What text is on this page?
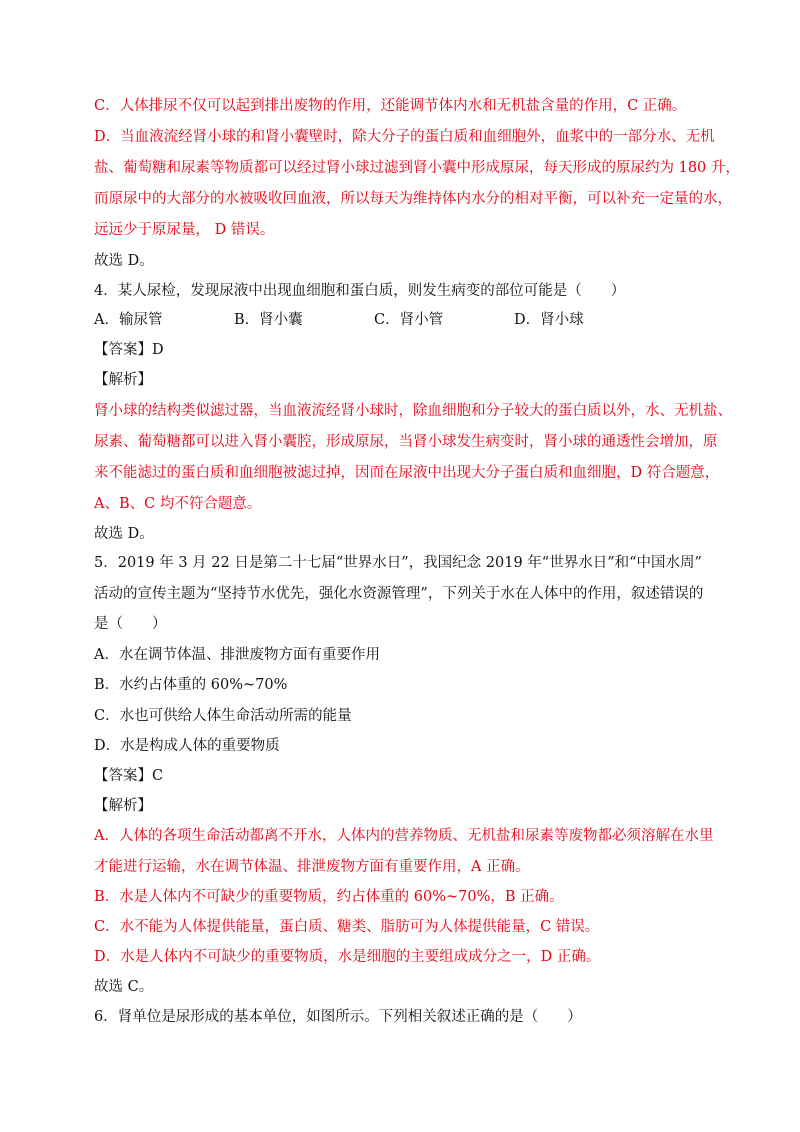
C．人体排尿不仅可以起到排出废物的作用，还能调节体内水和无机盐含量的作用，C 正确。
D．当血液流经肾小球的和肾小囊壁时，除大分子的蛋白质和血细胞外，血浆中的一部分水、无机
盐、葡萄糖和尿素等物质都可以经过肾小球过滤到肾小囊中形成原尿，每天形成的原尿约为 180 升，
而原尿中的大部分的水被吸收回血液，所以每天为维持体内水分的相对平衡，可以补充一定量的水，
远远少于原尿量， D 错误。
故选 D。
4．某人尿检，发现尿液中出现血细胞和蛋白质，则发生病变的部位可能是（　　）
A．输尿管	B．肾小囊	C．肾小管	D．肾小球
【答案】D
【解析】
肾小球的结构类似滤过器，当血液流经肾小球时，除血细胞和分子较大的蛋白质以外，水、无机盐、
尿素、葡萄糖都可以进入肾小囊腔，形成原尿，当肾小球发生病变时，肾小球的通透性会增加，原
来不能滤过的蛋白质和血细胞被滤过掉，因而在尿液中出现大分子蛋白质和血细胞，D 符合题意，
A、B、C 均不符合题意。
故选 D。
5．2019 年 3 月 22 日是第二十七届“世界水日”，我国纪念 2019 年“世界水日”和“中国水周”
活动的宣传主题为“坚持节水优先，强化水资源管理”，下列关于水在人体中的作用，叙述错误的
是（　　）
A．水在调节体温、排泄废物方面有重要作用
B．水约占体重的 60%~70%
C．水也可供给人体生命活动所需的能量
D．水是构成人体的重要物质
【答案】C
【解析】
A．人体的各项生命活动都离不开水，人体内的营养物质、无机盐和尿素等废物都必须溶解在水里
才能进行运输，水在调节体温、排泄废物方面有重要作用，A 正确。
B．水是人体内不可缺少的重要物质，约占体重的 60%~70%，B 正确。
C．水不能为人体提供能量，蛋白质、糖类、脂肪可为人体提供能量，C 错误。
D．水是人体内不可缺少的重要物质，水是细胞的主要组成成分之一，D 正确。
故选 C。
6．肾单位是尿形成的基本单位，如图所示。下列相关叙述正确的是（　　）
